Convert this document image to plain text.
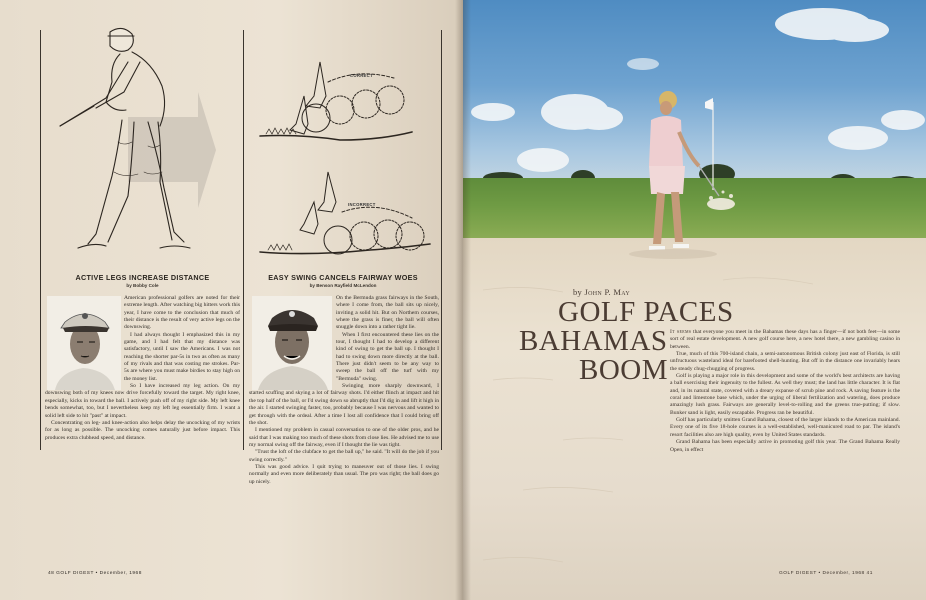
CORRECT
INCORRECT
ACTIVE LEGS INCREASE DISTANCE
by Bobby Cole
EASY SWING CANCELS FAIRWAY WOES
by Benson Rayfield McLendon

American professional golfers are noted for their extreme length. After watching big hitters work this year, I have come to the conclusion that much of their distance is the result of very active legs on the downswing.

I had always thought I emphasized this in my game, and I had felt that my distance was satisfactory, until I saw the Americans. I was not reaching the shorter par-5s in two as often as many of my rivals and that was costing me strokes. Par-5s are where you must make birdies to stay high on the money list.

So I have increased my leg action. On my downswing both of my knees now drive forcefully toward the target. My right knee, especially, kicks in toward the ball. I actively push off of my right side. My left knee bends somewhat, too, but I nevertheless keep my left leg essentially firm. I want a solid left side to hit "past" at impact.

Concentrating on leg- and knee-action also helps delay the uncocking of my wrists for as long as possible. The uncocking comes naturally just before impact. This produces extra clubhead speed, and distance.

On the Bermuda grass fairways in the South, where I come from, the ball sits up nicely, inviting a solid hit. But on Northern courses, where the grass is finer, the ball will often snuggle down into a rather tight lie.

When I first encountered these lies on the tour, I thought I had to develop a different kind of swing to get the ball up. I thought I had to swing down more directly at the ball. There just didn't seem to be any way to sweep the ball off the turf with my "Bermuda" swing.

Swinging more sharply downward, I started scuffing and skying a lot of fairway shots. I'd either flinch at impact and hit the top half of the ball, or I'd swing down so abruptly that I'd dig in and lift it high in the air. I started swinging faster, too, probably because I was nervous and wanted to get through with the ordeal. After a time I lost all confidence that I could bring off the shot.

I mentioned my problem in casual conversation to one of the older pros, and he said that I was making too much of these shots from close lies. He advised me to use my normal swing off the fairway, even if I thought the lie was tight.

"Trust the loft of the clubface to get the ball up," he said. "It will do the job if you swing correctly."

This was good advice. I quit trying to maneuver out of those lies. I swing normally and even more deliberately than usual. The pro was right; the ball does go up nicely.

48 GOLF DIGEST • December, 1968
by John P. May
GOLF PACES
BAHAMAS
BOOM

It seems that everyone you meet in the Bahamas these days has a finger—if not both feet—in some sort of real estate development. A new golf course here, a new hotel there, a new gambling casino in between.

True, much of this 700-island chain, a semi-autonomous British colony just east of Florida, is still unfructuous wasteland ideal for barefooted shell-hunting. But off in the distance one invariably hears the steady chug-chugging of progress.

Golf is playing a major role in this development and some of the world's best architects are having a ball exercising their ingenuity to the fullest. As well they must; the land has little character. It is flat and, in its natural state, covered with a dreary expanse of scrub pine and rock. A saving feature is the coral and limestone base which, under the urging of liberal fertilization and watering, does produce amazingly lush grass. Fairways are generally level-to-rolling and the greens true-putting; if slow. Bunker sand is light, easily escapable. Progress ran be beautiful.

Golf has particularly smitten Grand Bahama, closest of the larger islands to the American mainland. Every one of its five 18-hole courses is a well-established, well-manicured road to par. The island's resort facilities also are high quality, even by United States standards.

Grand Bahama has been especially active in promoting golf this year. The Grand Bahama Really Open, in effect

GOLF DIGEST • December, 1968 41
